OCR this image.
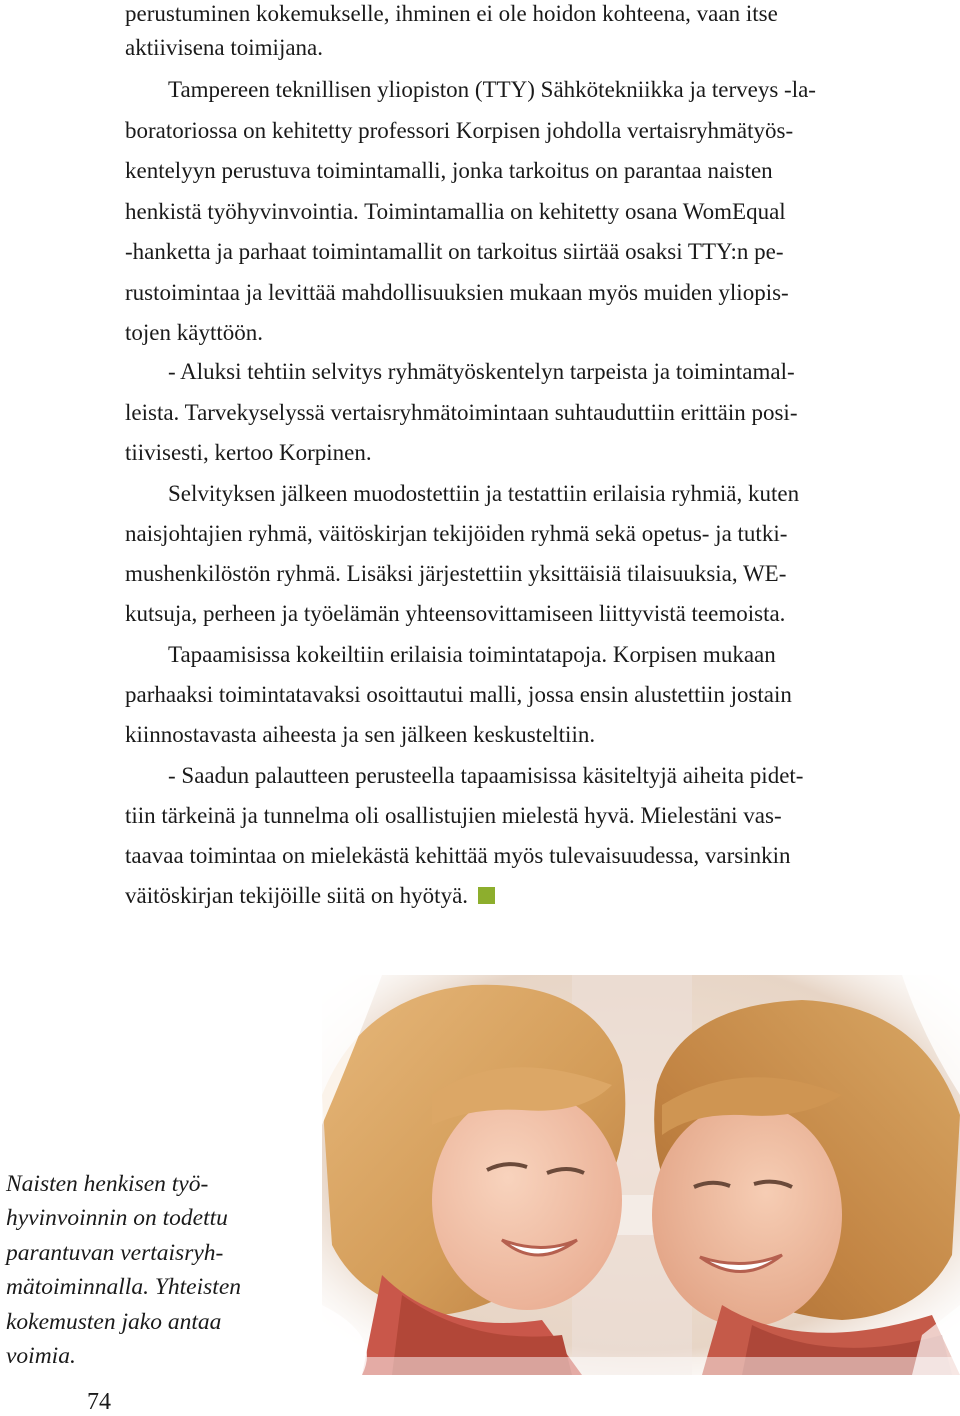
perustuminen kokemukselle, ihminen ei ole hoidon kohteena, vaan itse
aktiivisena toimijana.
Tampereen teknillisen yliopiston (TTY) Sähkötekniikka ja terveys -la-
boratoriossa on kehitetty professori Korpisen johdolla vertaisryhmätyös-
kentelyyn perustuva toimintamalli, jonka tarkoitus on parantaa naisten
henkistä työhyvinvointia. Toimintamallia on kehitetty osana WomEqual
-hanketta ja parhaat toimintamallit on tarkoitus siirtää osaksi TTY:n pe-
rustoimintaa ja levittää mahdollisuuksien mukaan myös muiden yliopis-
tojen käyttöön.
- Aluksi tehtiin selvitys ryhmätyöskentelyn tarpeista ja toimintamal-
leista. Tarvekyselyssä vertaisryhmätoimintaan suhtauduttiin erittäin posi-
tiivisesti, kertoo Korpinen.
Selvityksen jälkeen muodostettiin ja testattiin erilaisia ryhmiä, kuten
naisjohtajien ryhmä, väitöskirjan tekijöiden ryhmä sekä opetus- ja tutki-
mushenkilöstön ryhmä. Lisäksi järjestettiin yksittäisiä tilaisuuksia, WE-
kutsuja, perheen ja työelämän yhteensovittamiseen liittyvistä teemoista.
Tapaamisissa kokeiltiin erilaisia toimintatapoja. Korpisen mukaan
parhaaksi toimintatavaksi osoittautui malli, jossa ensin alustettiin jostain
kiinnostavasta aiheesta ja sen jälkeen keskusteltiin.
- Saadun palautteen perusteella tapaamisissa käsiteltyjä aiheita pidet-
tiin tärkeinä ja tunnelma oli osallistujien mielestä hyvä. Mielestäni vas-
taavaa toimintaa on mielekästä kehittää myös tulevaisuudessa, varsinkin
väitöskirjan tekijöille siitä on hyötyä.
Naisten henkisen työ-
hyvinvoinnin on todettu
parantuvan vertaisryh-
mätoiminnalla. Yhteisten
kokemusten jako antaa
voimia.
74
